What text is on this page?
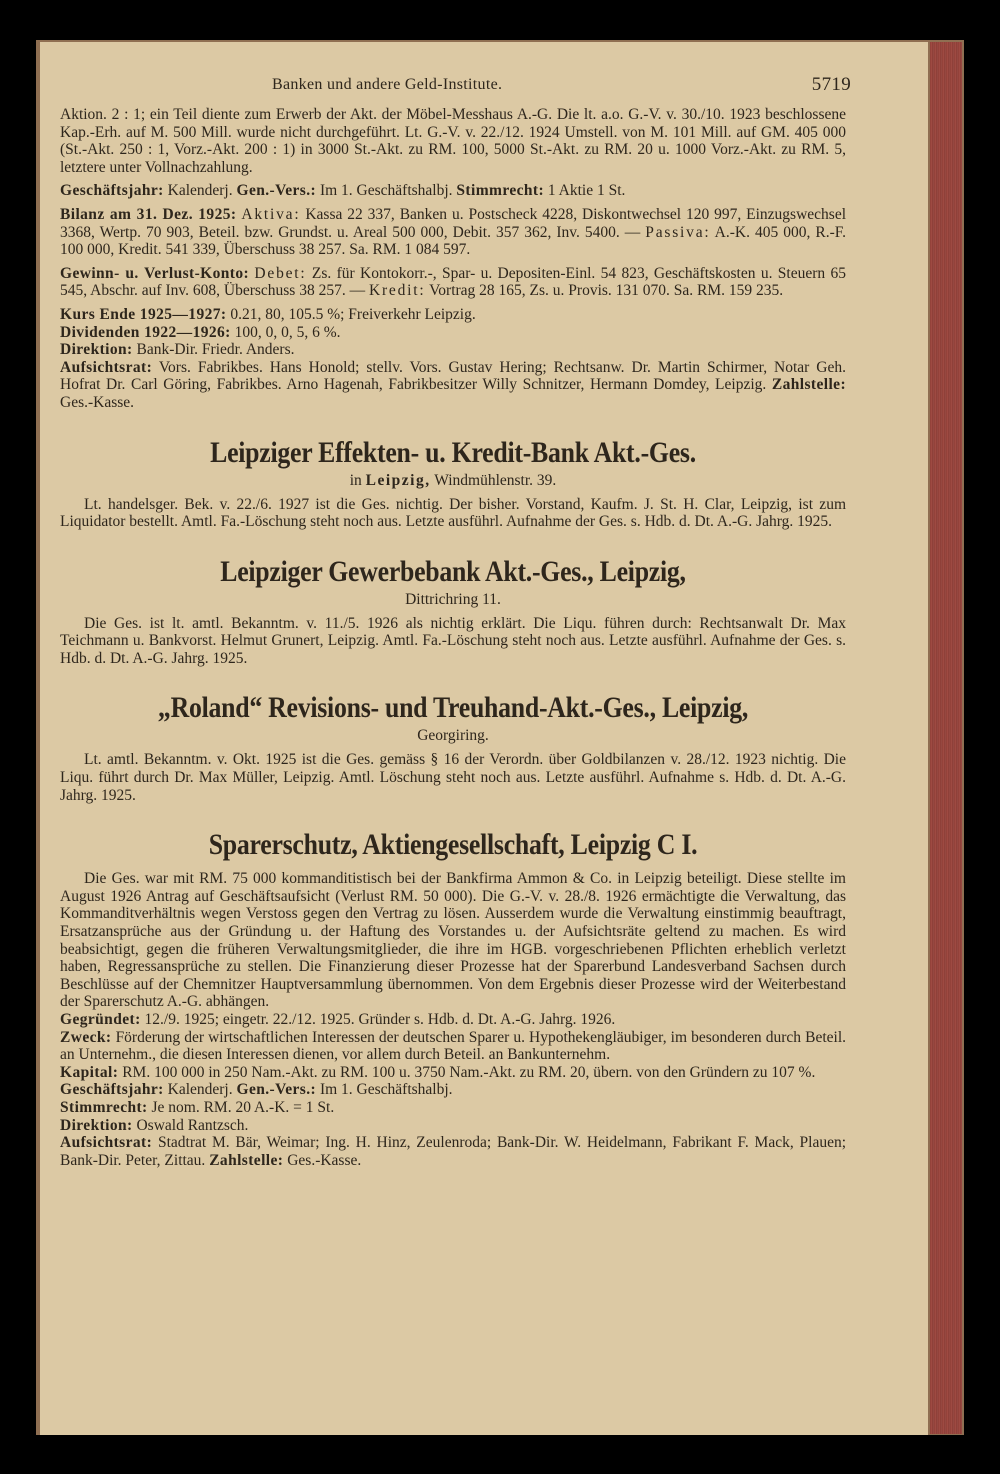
Banken und andere Geld-Institute.	5719

Aktion. 2 : 1; ein Teil diente zum Erwerb der Akt. der Möbel-Messhaus A.-G. Die lt. a.o. G.-V. v. 30./10. 1923 beschlossene Kap.-Erh. auf M. 500 Mill. wurde nicht durchgeführt. Lt. G.-V. v. 22./12. 1924 Umstell. von M. 101 Mill. auf GM. 405 000 (St.-Akt. 250 : 1, Vorz.-Akt. 200 : 1) in 3000 St.-Akt. zu RM. 100, 5000 St.-Akt. zu RM. 20 u. 1000 Vorz.-Akt. zu RM. 5, letztere unter Vollnachzahlung.

Geschäftsjahr: Kalenderj. Gen.-Vers.: Im 1. Geschäftshalbj. Stimmrecht: 1 Aktie 1 St.

Bilanz am 31. Dez. 1925: Aktiva: Kassa 22 337, Banken u. Postscheck 4228, Diskontwechsel 120 997, Einzugswechsel 3368, Wertp. 70 903, Beteil. bzw. Grundst. u. Areal 500 000, Debit. 357 362, Inv. 5400. — Passiva: A.-K. 405 000, R.-F. 100 000, Kredit. 541 339, Überschuss 38 257. Sa. RM. 1 084 597.

Gewinn- u. Verlust-Konto: Debet: Zs. für Kontokorr.-, Spar- u. Depositen-Einl. 54 823, Geschäftskosten u. Steuern 65 545, Abschr. auf Inv. 608, Überschuss 38 257. — Kredit: Vortrag 28 165, Zs. u. Provis. 131 070. Sa. RM. 159 235.

Kurs Ende 1925—1927: 0.21, 80, 105.5 %; Freiverkehr Leipzig.

Dividenden 1922—1926: 100, 0, 0, 5, 6 %.

Direktion: Bank-Dir. Friedr. Anders.

Aufsichtsrat: Vors. Fabrikbes. Hans Honold; stellv. Vors. Gustav Hering; Rechtsanw. Dr. Martin Schirmer, Notar Geh. Hofrat Dr. Carl Göring, Fabrikbes. Arno Hagenah, Fabrikbesitzer Willy Schnitzer, Hermann Domdey, Leipzig. Zahlstelle: Ges.-Kasse.

Leipziger Effekten- u. Kredit-Bank Akt.-Ges.
in Leipzig, Windmühlenstr. 39.

Lt. handelsger. Bek. v. 22./6. 1927 ist die Ges. nichtig. Der bisher. Vorstand, Kaufm. J. St. H. Clar, Leipzig, ist zum Liquidator bestellt. Amtl. Fa.-Löschung steht noch aus. Letzte ausführl. Aufnahme der Ges. s. Hdb. d. Dt. A.-G. Jahrg. 1925.

Leipziger Gewerbebank Akt.-Ges., Leipzig,
Dittrichring 11.

Die Ges. ist lt. amtl. Bekanntm. v. 11./5. 1926 als nichtig erklärt. Die Liqu. führen durch: Rechtsanwalt Dr. Max Teichmann u. Bankvorst. Helmut Grunert, Leipzig. Amtl. Fa.-Löschung steht noch aus. Letzte ausführl. Aufnahme der Ges. s. Hdb. d. Dt. A.-G. Jahrg. 1925.

„Roland“ Revisions- und Treuhand-Akt.-Ges., Leipzig,
Georgiring.

Lt. amtl. Bekanntm. v. Okt. 1925 ist die Ges. gemäss § 16 der Verordn. über Goldbilanzen v. 28./12. 1923 nichtig. Die Liqu. führt durch Dr. Max Müller, Leipzig. Amtl. Löschung steht noch aus. Letzte ausführl. Aufnahme s. Hdb. d. Dt. A.-G. Jahrg. 1925.

Sparerschutz, Aktiengesellschaft, Leipzig C I.

Die Ges. war mit RM. 75 000 kommanditistisch bei der Bankfirma Ammon & Co. in Leipzig beteiligt. Diese stellte im August 1926 Antrag auf Geschäftsaufsicht (Verlust RM. 50 000). Die G.-V. v. 28./8. 1926 ermächtigte die Verwaltung, das Kommanditverhältnis wegen Verstoss gegen den Vertrag zu lösen. Ausserdem wurde die Verwaltung einstimmig beauftragt, Ersatzansprüche aus der Gründung u. der Haftung des Vorstandes u. der Aufsichtsräte geltend zu machen. Es wird beabsichtigt, gegen die früheren Verwaltungsmitglieder, die ihre im HGB. vorgeschriebenen Pflichten erheblich verletzt haben, Regressansprüche zu stellen. Die Finanzierung dieser Prozesse hat der Sparerbund Landesverband Sachsen durch Beschlüsse auf der Chemnitzer Hauptversammlung übernommen. Von dem Ergebnis dieser Prozesse wird der Weiterbestand der Sparerschutz A.-G. abhängen.

Gegründet: 12./9. 1925; eingetr. 22./12. 1925. Gründer s. Hdb. d. Dt. A.-G. Jahrg. 1926.

Zweck: Förderung der wirtschaftlichen Interessen der deutschen Sparer u. Hypothekengläubiger, im besonderen durch Beteil. an Unternehm., die diesen Interessen dienen, vor allem durch Beteil. an Bankunternehm.

Kapital: RM. 100 000 in 250 Nam.-Akt. zu RM. 100 u. 3750 Nam.-Akt. zu RM. 20, übern. von den Gründern zu 107 %.

Geschäftsjahr: Kalenderj. Gen.-Vers.: Im 1. Geschäftshalbj.

Stimmrecht: Je nom. RM. 20 A.-K. = 1 St.

Direktion: Oswald Rantzsch.

Aufsichtsrat: Stadtrat M. Bär, Weimar; Ing. H. Hinz, Zeulenroda; Bank-Dir. W. Heidelmann, Fabrikant F. Mack, Plauen; Bank-Dir. Peter, Zittau. Zahlstelle: Ges.-Kasse.
